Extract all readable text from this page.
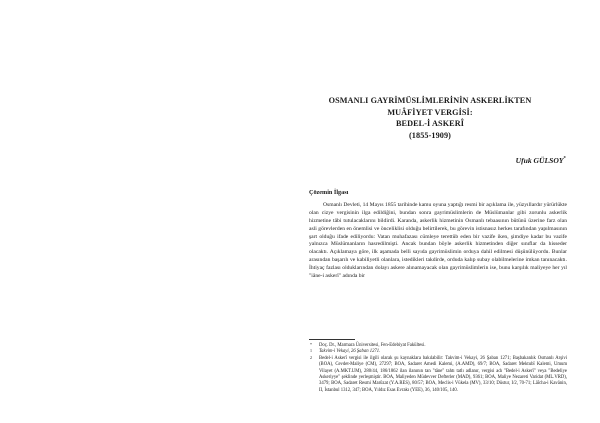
OSMANLI GAYRİMÜSLİMLERİNİN ASKERLİKTEN
MUÂFİYET VERGİSİ:
BEDEL-İ ASKERÎ
(1855-1909)
Ufuk GÜLSOY*
Çözemin İlgası

Osmanlı Devleti, 14 Mayıs 1855 tarihinde kamu oyuna yaptığı resmi bir açıklama ile, yüzyıllardır yürürlükte olan cizye vergisinin ilga edildiğini, bundan sonra gayrimüslimlerin de Müslümanlar gibi zorunlu askerlik hizmetine tâbi tutulacaklarını bildirdi. Karanda, askerlik hizmetinin Osmanlı tebaasının bütünü üzerine farz olan asli görevlerden en önemlisi ve önceliklisi olduğu belirtilerek, bu görevin istisnasız herkes tarafından yapılmasının şart olduğu ifade ediliyordu: Vatan muhafazası cümleye terettüb eden bir vazife iken, şimdiye kadar bu vazife yalnızca Müslümanların hasredilmişti. Ancak bundan böyle askerlik hizmetinden diğer sınıflar da hisseder olacaktı. Açıklamaya göre, ilk aşamada belli sayıda gayrimüslimin orduya dahil edilmesi düşünülüyordu. Bunlar arasından başarılı ve kabiliyetli olanlara, istedikleri takdirde, orduda kalıp subay olabilmelerine imkan tanınacaktı. İhtiyaç fazlası olduklarından dolayı askere alınamayacak olan gayrimüslimlerin ise, bunu karşılık maliyeye her yıl "iâne-i askerî" adında bir

* Doç. Dr., Marmara Üniversitesi, Fen-Edebiyat Fakültesi.
1 Takvim-i Vekayi, 26 Şaban 1271.
2 Bedel-i Askerî vergisi ile ilgili olarak şu kaynaklara bakılabilir: Takvim-i Vekayi, 26 Şaban 1271; Başbakanlık Osmanlı Arşivi (BOA), Cevdet-Maliye (CM), 27297; BOA, Sadaret Amedi Kalemi, (A.AMD), 69/7; BOA, Sadaret Mektubî Kalemi, Umum Vilayet (A.MKT.UM), 280/44, 186/1862 ilan ilanının tan "tâne" tahtı tatlı adlanır, vergisi adı "Bedel-i Askerî" veya "Bedeliye Askeriyye" şeklinde yerleşmiştir. BOA, Maliyeden Müdevver Defterler (MAD), 9361; BOA, Maliye Nezareti Varidat (ML.VRD), 3479; BOA, Sadaret Resmi Marûzat (Y.A.RES), 80/57; BOA, Meclis-i Vükela (MV), 33/10; Düstur, I/2, 70-71; Lâîcha-i Kavânin, II, İstanbul 1312, 347; BOA, Yıldız Esas Evrakı (YEE), 36, 140/105, 140.
